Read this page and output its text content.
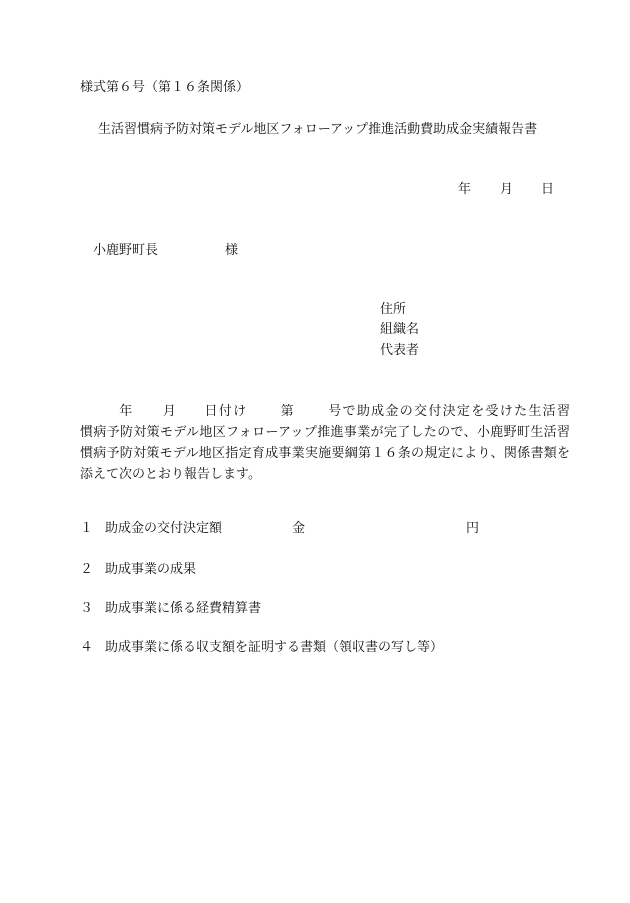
様式第６号（第１６条関係）

生活習慣病予防対策モデル地区フォローアップ推進活動費助成金実績報告書

年 月 日
小鹿野町長	様
住所
組織名
代表者
年 月 日付け 第 号で助成金の交付決定を受けた生活習
慣病予防対策モデル地区フォローアップ推進事業が完了したので、小鹿野町生活習
慣病予防対策モデル地区指定育成事業実施要綱第１６条の規定により、関係書類を
添えて次のとおり報告します。
１ 助成金の交付決定額	金	円
２ 助成事業の成果
３ 助成事業に係る経費精算書
４ 助成事業に係る収支額を証明する書類（領収書の写し等）
